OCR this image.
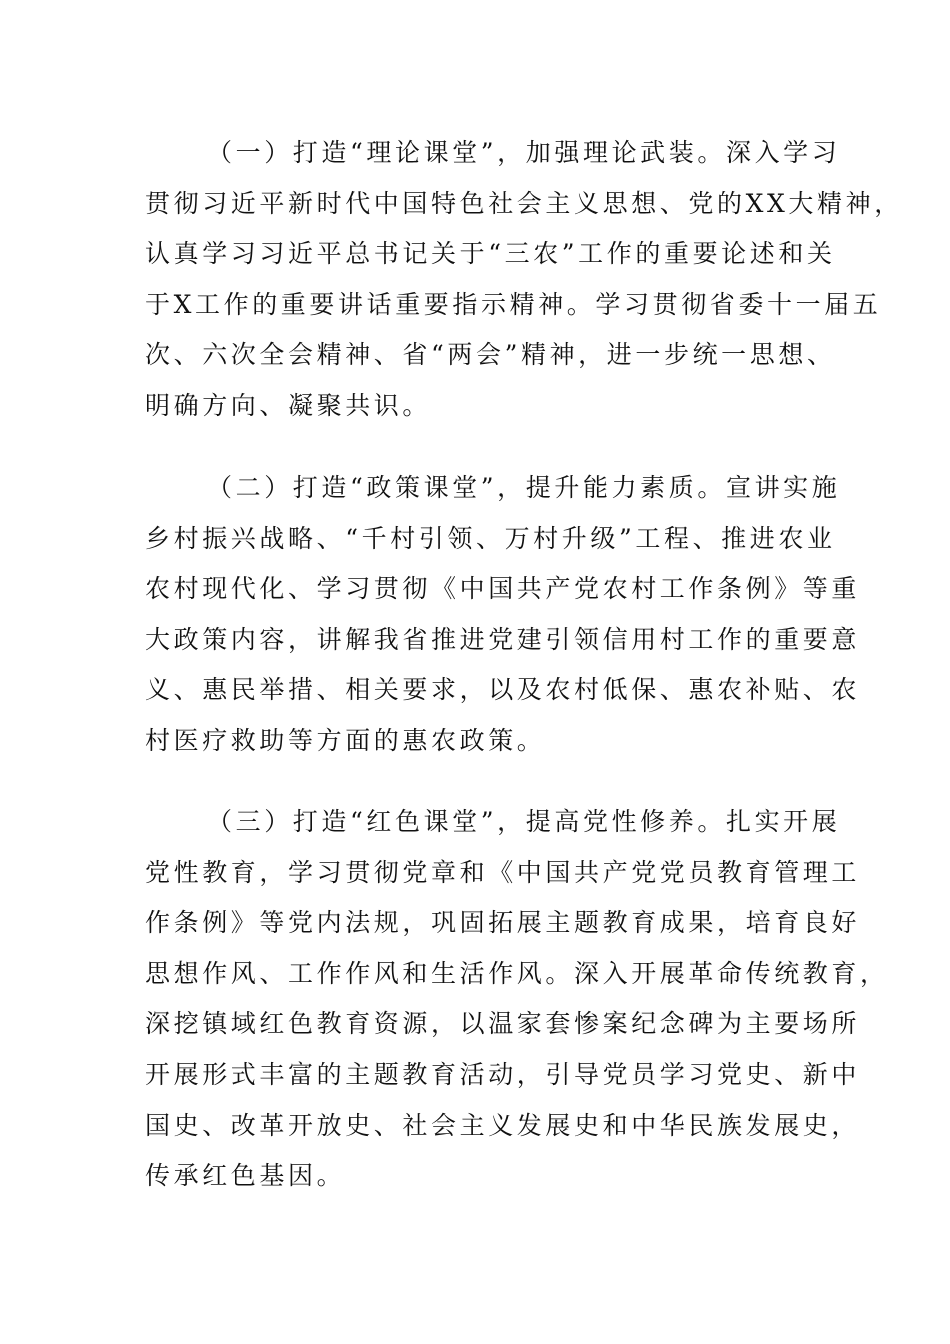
（一）打造“理论课堂”，加强理论武装。深入学习
贯彻习近平新时代中国特色社会主义思想、党的XX大精神，
认真学习习近平总书记关于“三农”工作的重要论述和关
于X工作的重要讲话重要指示精神。学习贯彻省委十一届五
次、六次全会精神、省“两会”精神，进一步统一思想、
明确方向、凝聚共识。
（二）打造“政策课堂”，提升能力素质。宣讲实施
乡村振兴战略、“千村引领、万村升级”工程、推进农业
农村现代化、学习贯彻《中国共产党农村工作条例》等重
大政策内容，讲解我省推进党建引领信用村工作的重要意
义、惠民举措、相关要求，以及农村低保、惠农补贴、农
村医疗救助等方面的惠农政策。
（三）打造“红色课堂”，提高党性修养。扎实开展
党性教育，学习贯彻党章和《中国共产党党员教育管理工
作条例》等党内法规，巩固拓展主题教育成果，培育良好
思想作风、工作作风和生活作风。深入开展革命传统教育，
深挖镇域红色教育资源，以温家套惨案纪念碑为主要场所
开展形式丰富的主题教育活动，引导党员学习党史、新中
国史、改革开放史、社会主义发展史和中华民族发展史，
传承红色基因。
